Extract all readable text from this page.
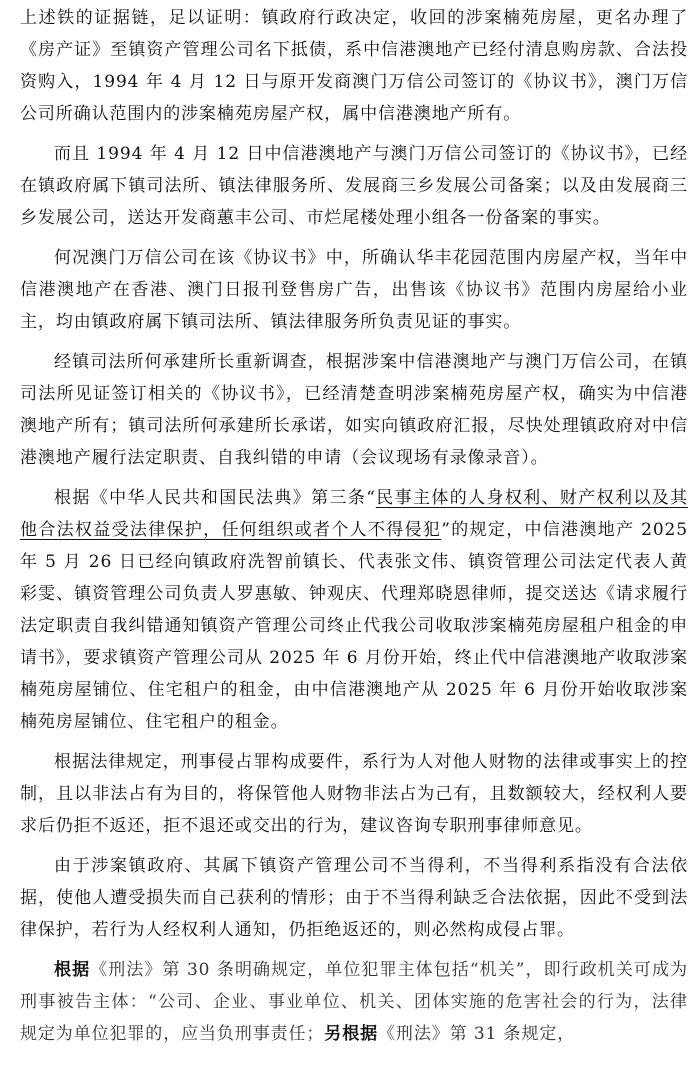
上述铁的证据链，足以证明：镇政府行政决定，收回的涉案楠苑房屋，更名办理了《房产证》至镇资产管理公司名下抵债，系中信港澳地产已经付清息购房款、合法投资购入，1994 年 4 月 12 日与原开发商澳门万信公司签订的《协议书》，澳门万信公司所确认范围内的涉案楠苑房屋产权，属中信港澳地产所有。

而且 1994 年 4 月 12 日中信港澳地产与澳门万信公司签订的《协议书》，已经在镇政府属下镇司法所、镇法律服务所、发展商三乡发展公司备案；以及由发展商三乡发展公司，送达开发商蕙丰公司、市烂尾楼处理小组各一份备案的事实。

何况澳门万信公司在该《协议书》中，所确认华丰花园范围内房屋产权，当年中信港澳地产在香港、澳门日报刊登售房广告，出售该《协议书》范围内房屋给小业主，均由镇政府属下镇司法所、镇法律服务所负责见证的事实。

经镇司法所何承建所长重新调查，根据涉案中信港澳地产与澳门万信公司，在镇司法所见证签订相关的《协议书》，已经清楚查明涉案楠苑房屋产权，确实为中信港澳地产所有；镇司法所何承建所长承诺，如实向镇政府汇报，尽快处理镇政府对中信港澳地产履行法定职责、自我纠错的申请（会议现场有录像录音）。

根据《中华人民共和国民法典》第三条“民事主体的人身权利、财产权利以及其他合法权益受法律保护，任何组织或者个人不得侵犯”的规定，中信港澳地产 2025 年 5 月 26 日已经向镇政府冼智前镇长、代表张文伟、镇资管理公司法定代表人黄彩雯、镇资管理公司负责人罗惠敏、钟观庆、代理郑晓恩律师，提交送达《请求履行法定职责自我纠错通知镇资产管理公司终止代我公司收取涉案楠苑房屋租户租金的申请书》，要求镇资产管理公司从 2025 年 6 月份开始，终止代中信港澳地产收取涉案楠苑房屋铺位、住宅租户的租金，由中信港澳地产从 2025 年 6 月份开始收取涉案楠苑房屋铺位、住宅租户的租金。

根据法律规定，刑事侵占罪构成要件，系行为人对他人财物的法律或事实上的控制，且以非法占有为目的，将保管他人财物非法占为己有，且数额较大，经权利人要求后仍拒不返还，拒不退还或交出的行为，建议咨询专职刑事律师意见。

由于涉案镇政府、其属下镇资产管理公司不当得利，不当得利系指没有合法依据，使他人遭受损失而自己获利的情形；由于不当得利缺乏合法依据，因此不受到法律保护，若行为人经权利人通知，仍拒绝返还的，则必然构成侵占罪。

根据《刑法》第 30 条明确规定，单位犯罪主体包括“机关”，即行政机关可成为刑事被告主体：“公司、企业、事业单位、机关、团体实施的危害社会的行为，法律规定为单位犯罪的，应当负刑事责任；另根据《刑法》第 31 条规定，
